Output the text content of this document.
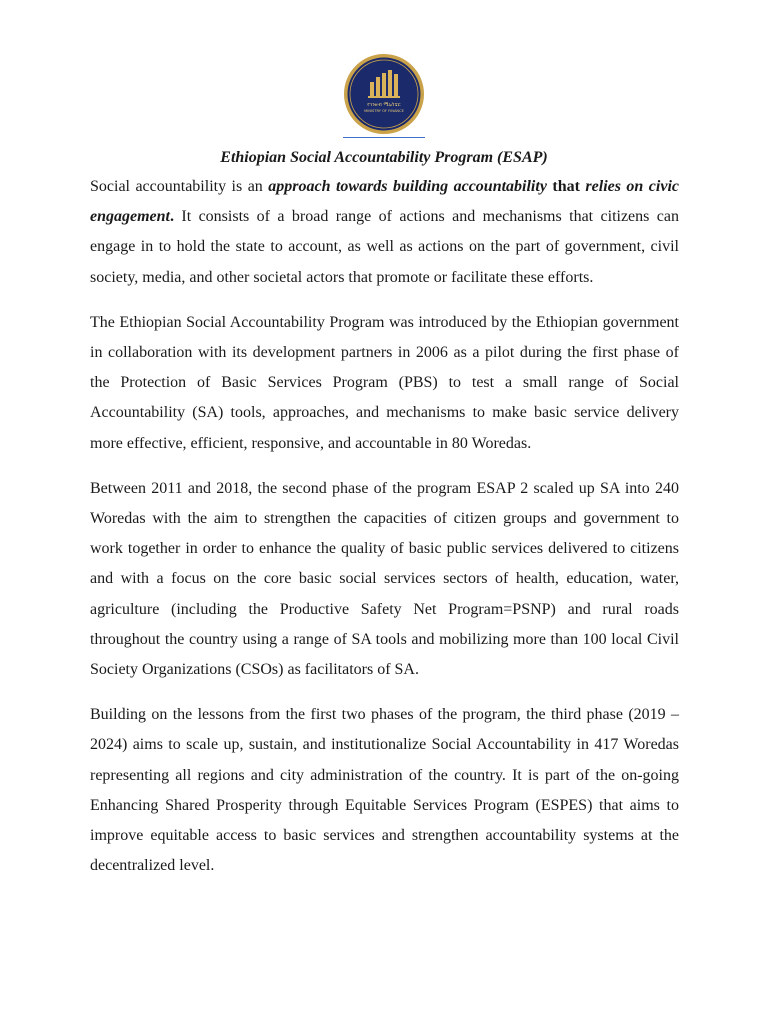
የገንዘብ ሚኒስቴር
MINISTRY OF FINANCE
Ethiopian Social Accountability Program (ESAP)

Social accountability is an approach towards building accountability that relies on civic engagement. It consists of a broad range of actions and mechanisms that citizens can engage in to hold the state to account, as well as actions on the part of government, civil society, media, and other societal actors that promote or facilitate these efforts.

The Ethiopian Social Accountability Program was introduced by the Ethiopian government in collaboration with its development partners in 2006 as a pilot during the first phase of the Protection of Basic Services Program (PBS) to test a small range of Social Accountability (SA) tools, approaches, and mechanisms to make basic service delivery more effective, efficient, responsive, and accountable in 80 Woredas.

Between 2011 and 2018, the second phase of the program ESAP 2 scaled up SA into 240 Woredas with the aim to strengthen the capacities of citizen groups and government to work together in order to enhance the quality of basic public services delivered to citizens and with a focus on the core basic social services sectors of health, education, water, agriculture (including the Productive Safety Net Program=PSNP) and rural roads throughout the country using a range of SA tools and mobilizing more than 100 local Civil Society Organizations (CSOs) as facilitators of SA.

Building on the lessons from the first two phases of the program, the third phase (2019 – 2024) aims to scale up, sustain, and institutionalize Social Accountability in 417 Woredas representing all regions and city administration of the country. It is part of the on-going Enhancing Shared Prosperity through Equitable Services Program (ESPES) that aims to improve equitable access to basic services and strengthen accountability systems at the decentralized level.
